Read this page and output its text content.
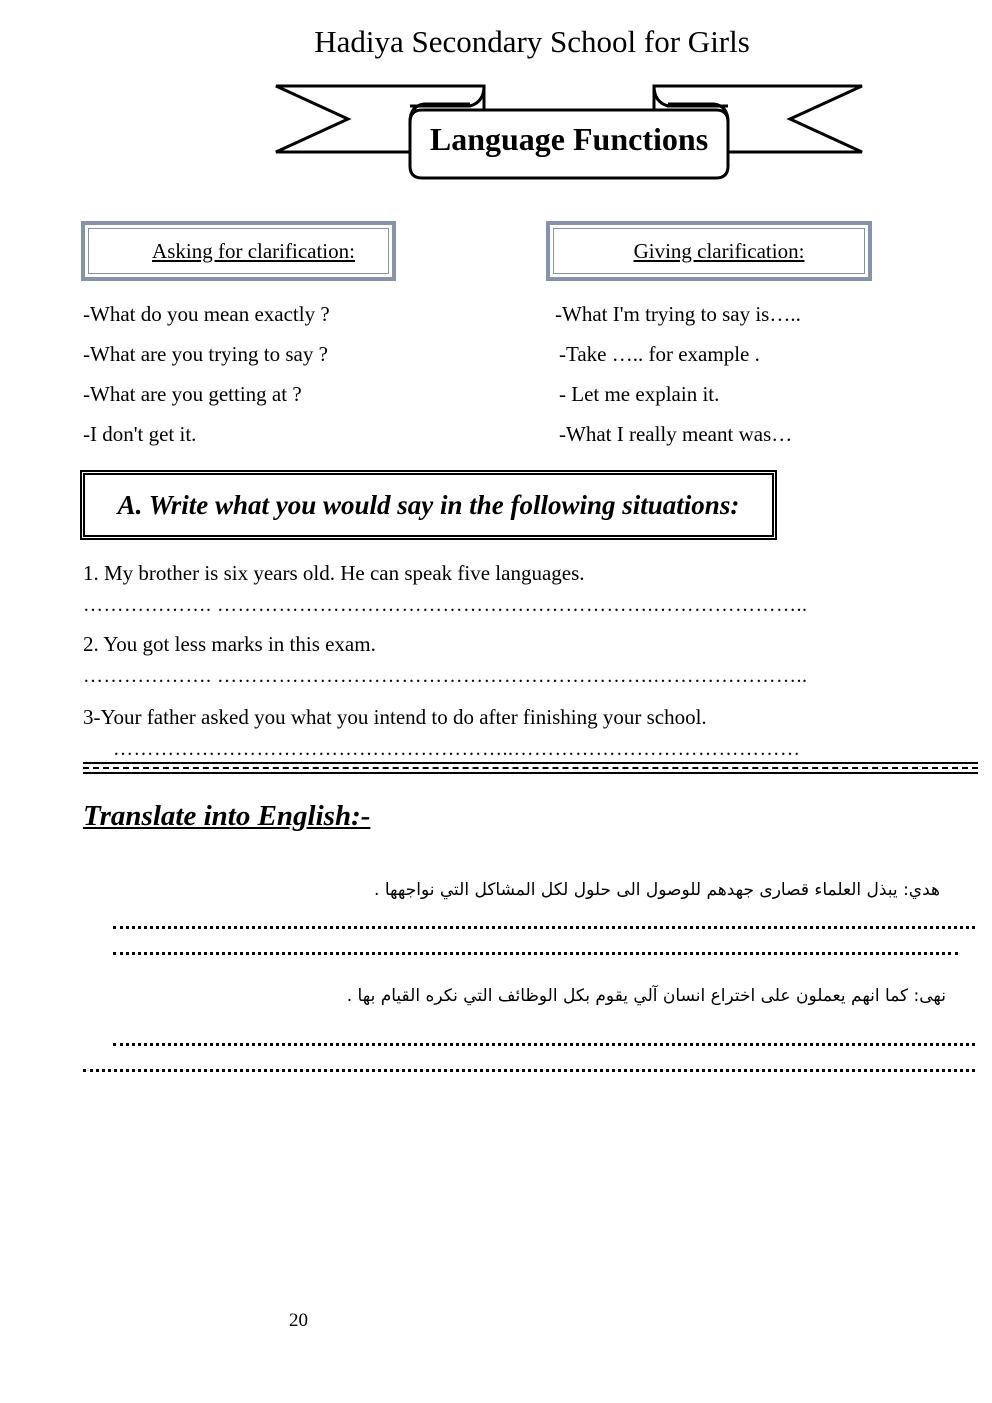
Hadiya Secondary School for Girls
Language Functions
Asking for clarification:	Giving clarification:
-What do you mean exactly ?
-What are you trying to say ?
-What are you getting at ?
-I don't get it.
-What I'm trying to say is…..
-Take ….. for example .
- Let me explain it.
-What I really meant was…
A. Write what you would say in the following situations:
1. My brother is six years old. He can speak five languages.
………………. ……………………………………………………….…………………..
2. You got less marks in this exam.
………………. ……………………………………………………….…………………..
3-Your father asked you what you intend to do after finishing your school.
…………………………………………………..……………………………………
Translate into English:-
هدي: يبذل العلماء قصارى جهدهم للوصول الى حلول لكل المشاكل التي نواجهها .
نهى: كما انهم يعملون على اختراع انسان آلي يقوم بكل الوظائف التي نكره القيام بها .
20
